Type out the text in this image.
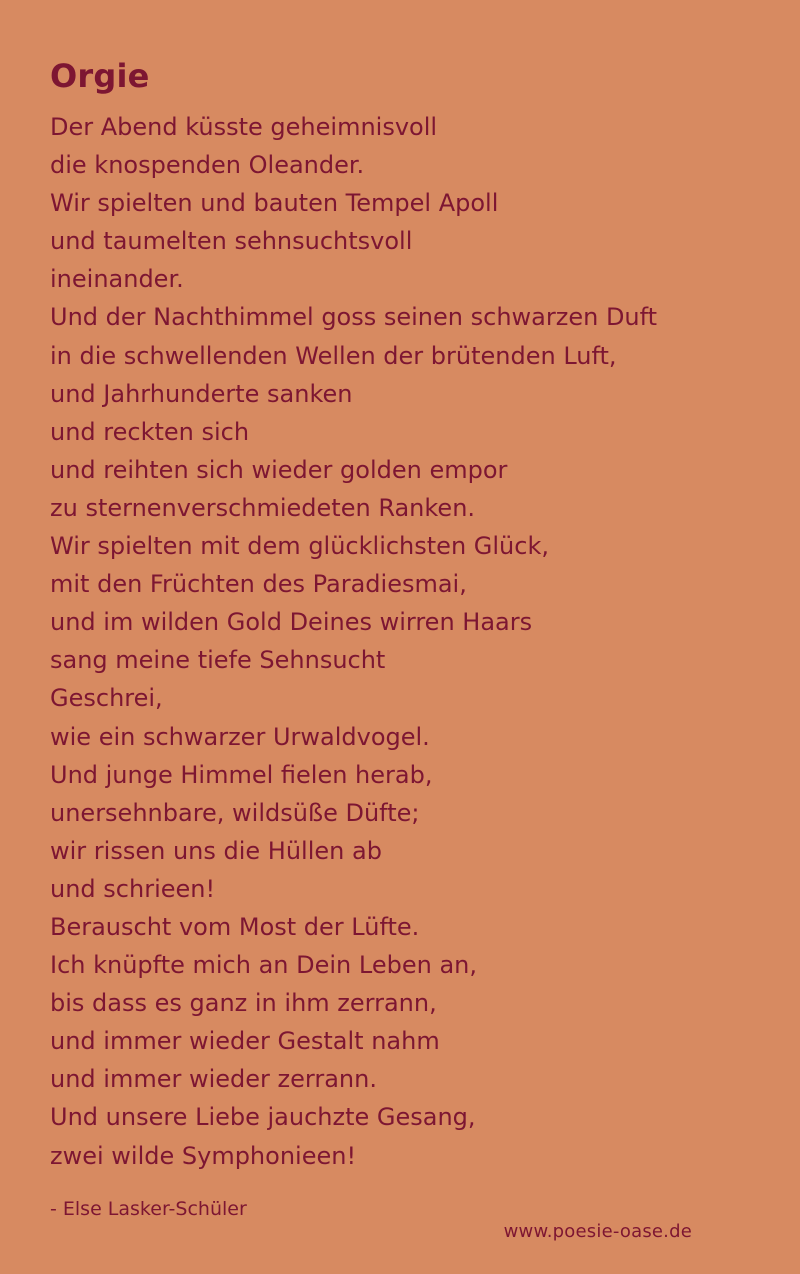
Orgie
Der Abend küsste geheimnisvoll
die knospenden Oleander.
Wir spielten und bauten Tempel Apoll
und taumelten sehnsuchtsvoll
ineinander.
Und der Nachthimmel goss seinen schwarzen Duft
in die schwellenden Wellen der brütenden Luft,
und Jahrhunderte sanken
und reckten sich
und reihten sich wieder golden empor
zu sternenverschmiedeten Ranken.
Wir spielten mit dem glücklichsten Glück,
mit den Früchten des Paradiesmai,
und im wilden Gold Deines wirren Haars
sang meine tiefe Sehnsucht
Geschrei,
wie ein schwarzer Urwaldvogel.
Und junge Himmel fielen herab,
unersehnbare, wildsüße Düfte;
wir rissen uns die Hüllen ab
und schrieen!
Berauscht vom Most der Lüfte.
Ich knüpfte mich an Dein Leben an,
bis dass es ganz in ihm zerrann,
und immer wieder Gestalt nahm
und immer wieder zerrann.
Und unsere Liebe jauchzte Gesang,
zwei wilde Symphonieen!
- Else Lasker-Schüler
www.poesie-oase.de
